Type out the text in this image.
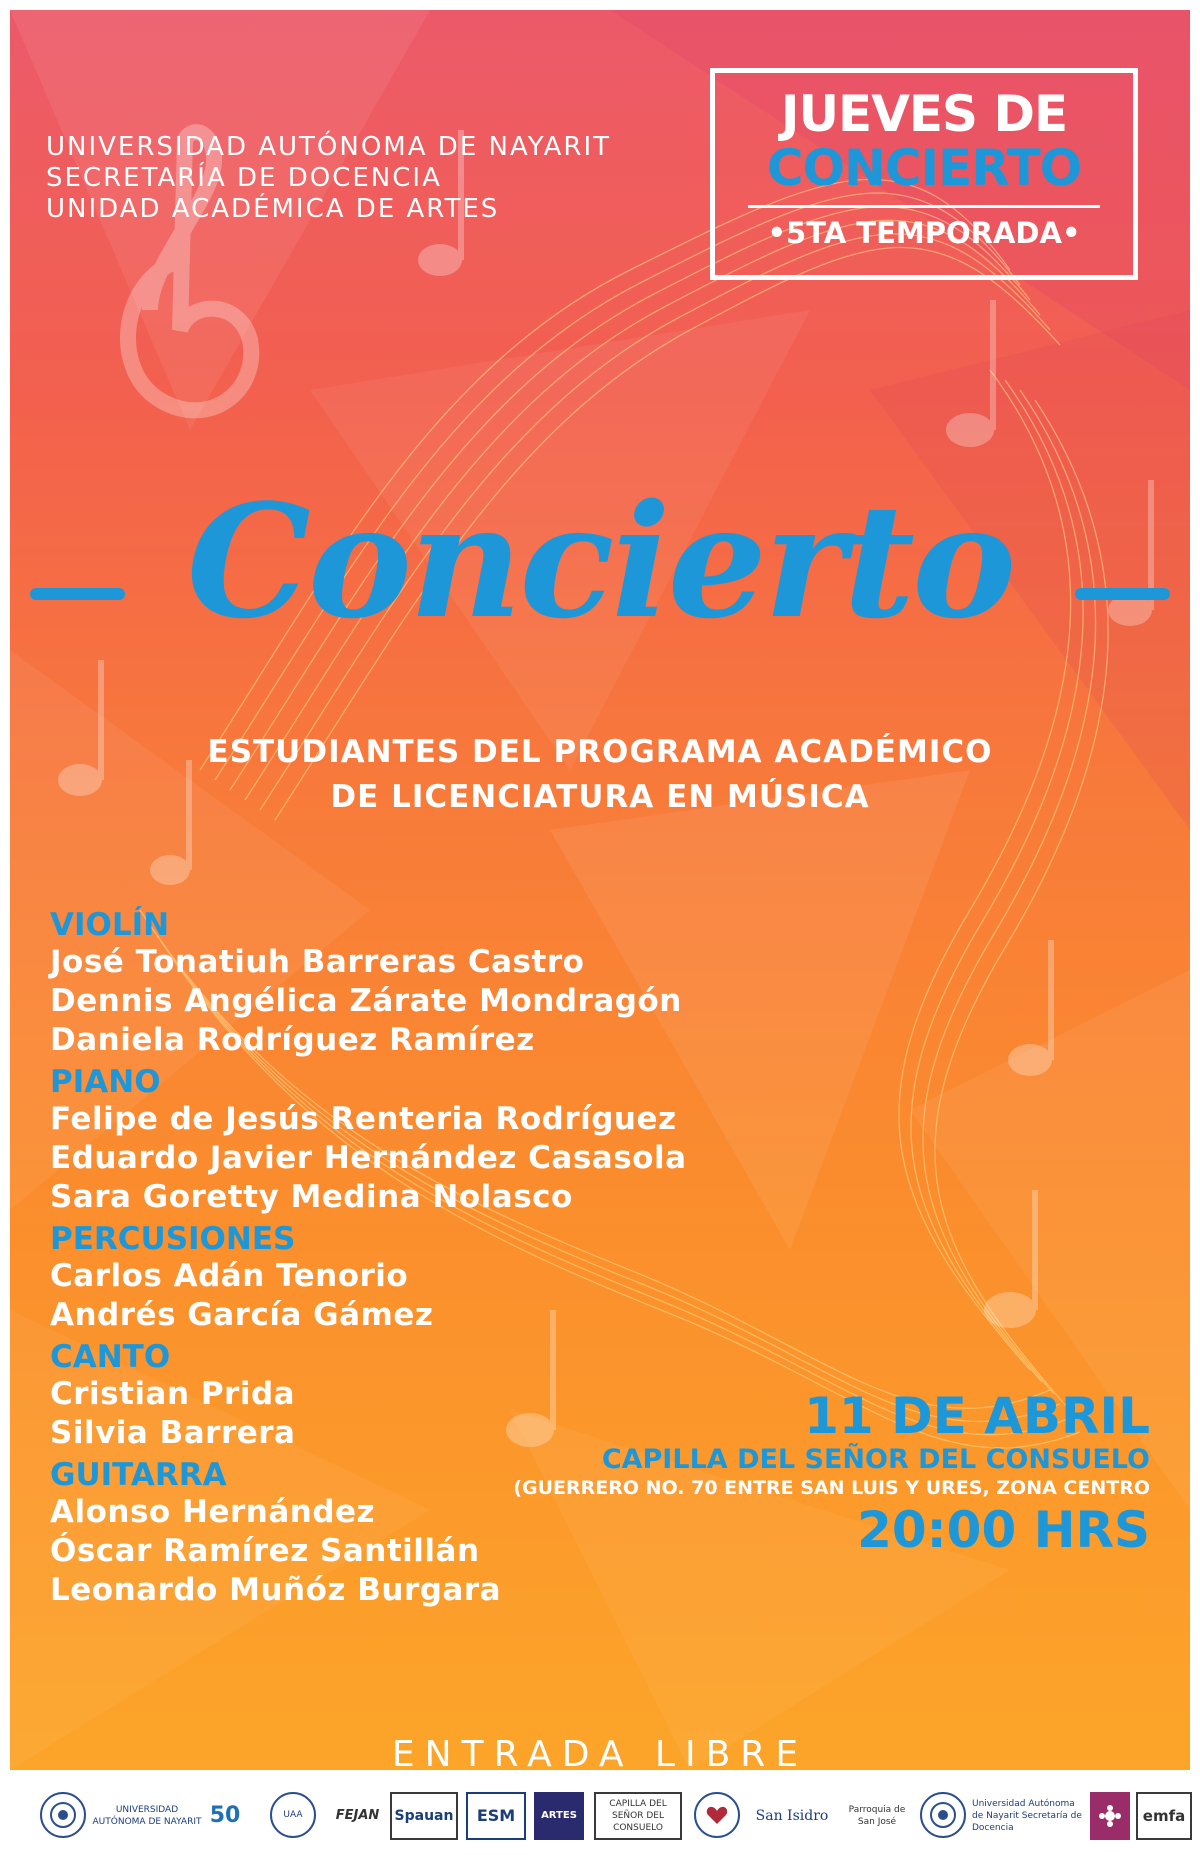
UNIVERSIDAD AUTÓNOMA DE NAYARIT
SECRETARÍA DE DOCENCIA
UNIDAD ACADÉMICA DE ARTES
JUEVES DE
CONCIERTO
•5TA TEMPORADA•
Concierto
ESTUDIANTES DEL PROGRAMA ACADÉMICO
DE LICENCIATURA EN MÚSICA
VIOLÍN
José Tonatiuh Barreras Castro
Dennis Angélica Zárate Mondragón
Daniela Rodríguez Ramírez
PIANO
Felipe de Jesús Renteria Rodríguez
Eduardo Javier Hernández Casasola
Sara Goretty Medina Nolasco
PERCUSIONES
Carlos Adán Tenorio
Andrés García Gámez
CANTO
Cristian Prida
Silvia Barrera
GUITARRA
Alonso Hernández
Óscar Ramírez Santillán
Leonardo Muñóz Burgara
11 DE ABRIL
CAPILLA DEL SEÑOR DEL CONSUELO
(GUERRERO NO. 70 ENTRE SAN LUIS Y URES, ZONA CENTRO
20:00 HRS
ENTRADA LIBRE
UNIVERSIDAD AUTÓNOMA DE NAYARIT 50	UAA	FEJAN	Spauan	ESM	ARTES
CAPILLA DEL SEÑOR DEL CONSUELO
San Isidro	Parroquia de San José
Universidad Autónoma de Nayarit Secretaría de Docencia
emfa
